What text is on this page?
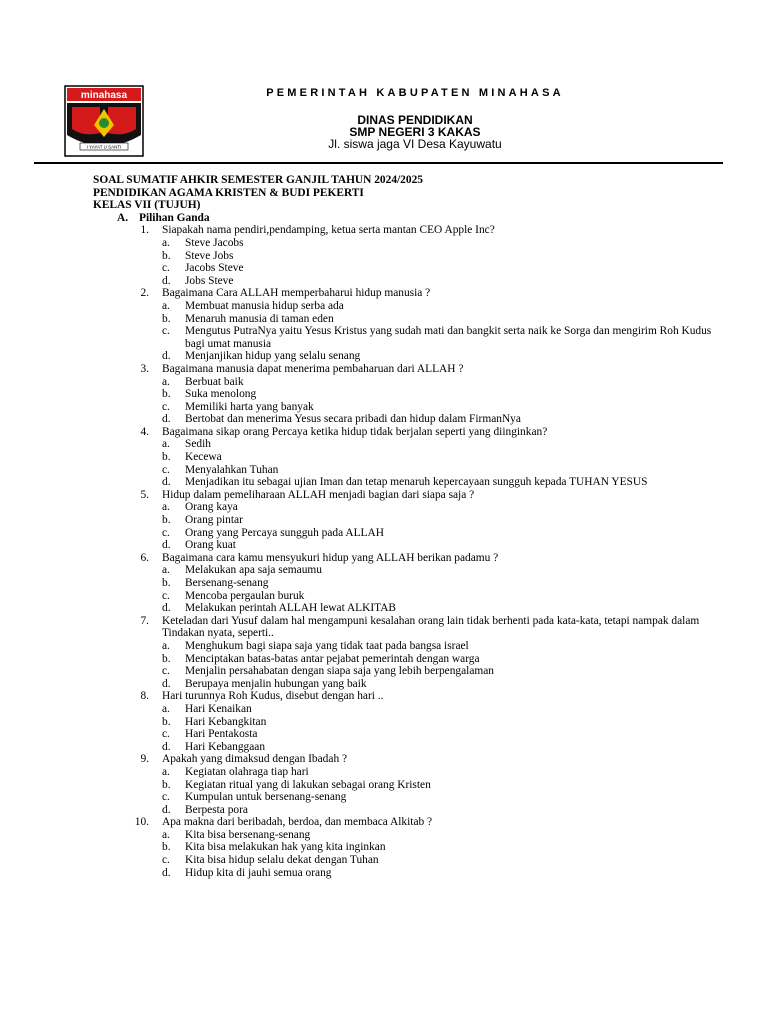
minahasa
I YAYAT U SANTI
PEMERINTAH KABUPATEN MINAHASA
DINAS PENDIDIKAN
SMP NEGERI 3 KAKAS
Jl. siswa jaga VI Desa Kayuwatu
SOAL SUMATIF AHKIR SEMESTER GANJIL TAHUN 2024/2025
PENDIDIKAN AGAMA KRISTEN & BUDI PEKERTI
KELAS VII (TUJUH)
A. Pilihan Ganda
1. Siapakah nama pendiri,pendamping, ketua serta mantan CEO Apple Inc?
a. Steve Jacobs
b. Steve Jobs
c. Jacobs Steve
d. Jobs Steve
2. Bagaimana Cara ALLAH memperbaharui hidup manusia ?
a. Membuat manusia hidup serba ada
b. Menaruh manusia di taman eden
c. Mengutus PutraNya yaitu Yesus Kristus yang sudah mati dan bangkit serta naik ke Sorga dan mengirim Roh Kudus bagi umat manusia
d. Menjanjikan hidup yang selalu senang
3. Bagaimana manusia dapat menerima pembaharuan dari ALLAH ?
a. Berbuat baik
b. Suka menolong
c. Memiliki harta yang banyak
d. Bertobat dan menerima Yesus secara pribadi dan hidup dalam FirmanNya
4. Bagaimana sikap orang Percaya ketika hidup tidak berjalan seperti yang diinginkan?
a. Sedih
b. Kecewa
c. Menyalahkan Tuhan
d. Menjadikan itu sebagai ujian Iman dan tetap menaruh kepercayaan sungguh kepada TUHAN YESUS
5. Hidup dalam pemeliharaan ALLAH menjadi bagian dari siapa saja ?
a. Orang kaya
b. Orang pintar
c. Orang yang Percaya sungguh pada ALLAH
d. Orang kuat
6. Bagaimana cara kamu mensyukuri hidup yang ALLAH berikan padamu ?
a. Melakukan apa saja semaumu
b. Bersenang-senang
c. Mencoba pergaulan buruk
d. Melakukan perintah ALLAH lewat ALKITAB
7. Keteladan dari Yusuf dalam hal mengampuni kesalahan orang lain tidak berhenti pada kata-kata, tetapi nampak dalam Tindakan nyata, seperti..
a. Menghukum bagi siapa saja yang tidak taat pada bangsa israel
b. Menciptakan batas-batas antar pejabat pemerintah dengan warga
c. Menjalin persahabatan dengan siapa saja yang lebih berpengalaman
d. Berupaya menjalin hubungan yang baik
8. Hari turunnya Roh Kudus, disebut dengan hari ..
a. Hari Kenaikan
b. Hari Kebangkitan
c. Hari Pentakosta
d. Hari Kebanggaan
9. Apakah yang dimaksud dengan Ibadah ?
a. Kegiatan olahraga tiap hari
b. Kegiatan ritual yang di lakukan sebagai orang Kristen
c. Kumpulan untuk bersenang-senang
d. Berpesta pora
10. Apa makna dari beribadah, berdoa, dan membaca Alkitab ?
a. Kita bisa bersenang-senang
b. Kita bisa melakukan hak yang kita inginkan
c. Kita bisa hidup selalu dekat dengan Tuhan
d. Hidup kita di jauhi semua orang
